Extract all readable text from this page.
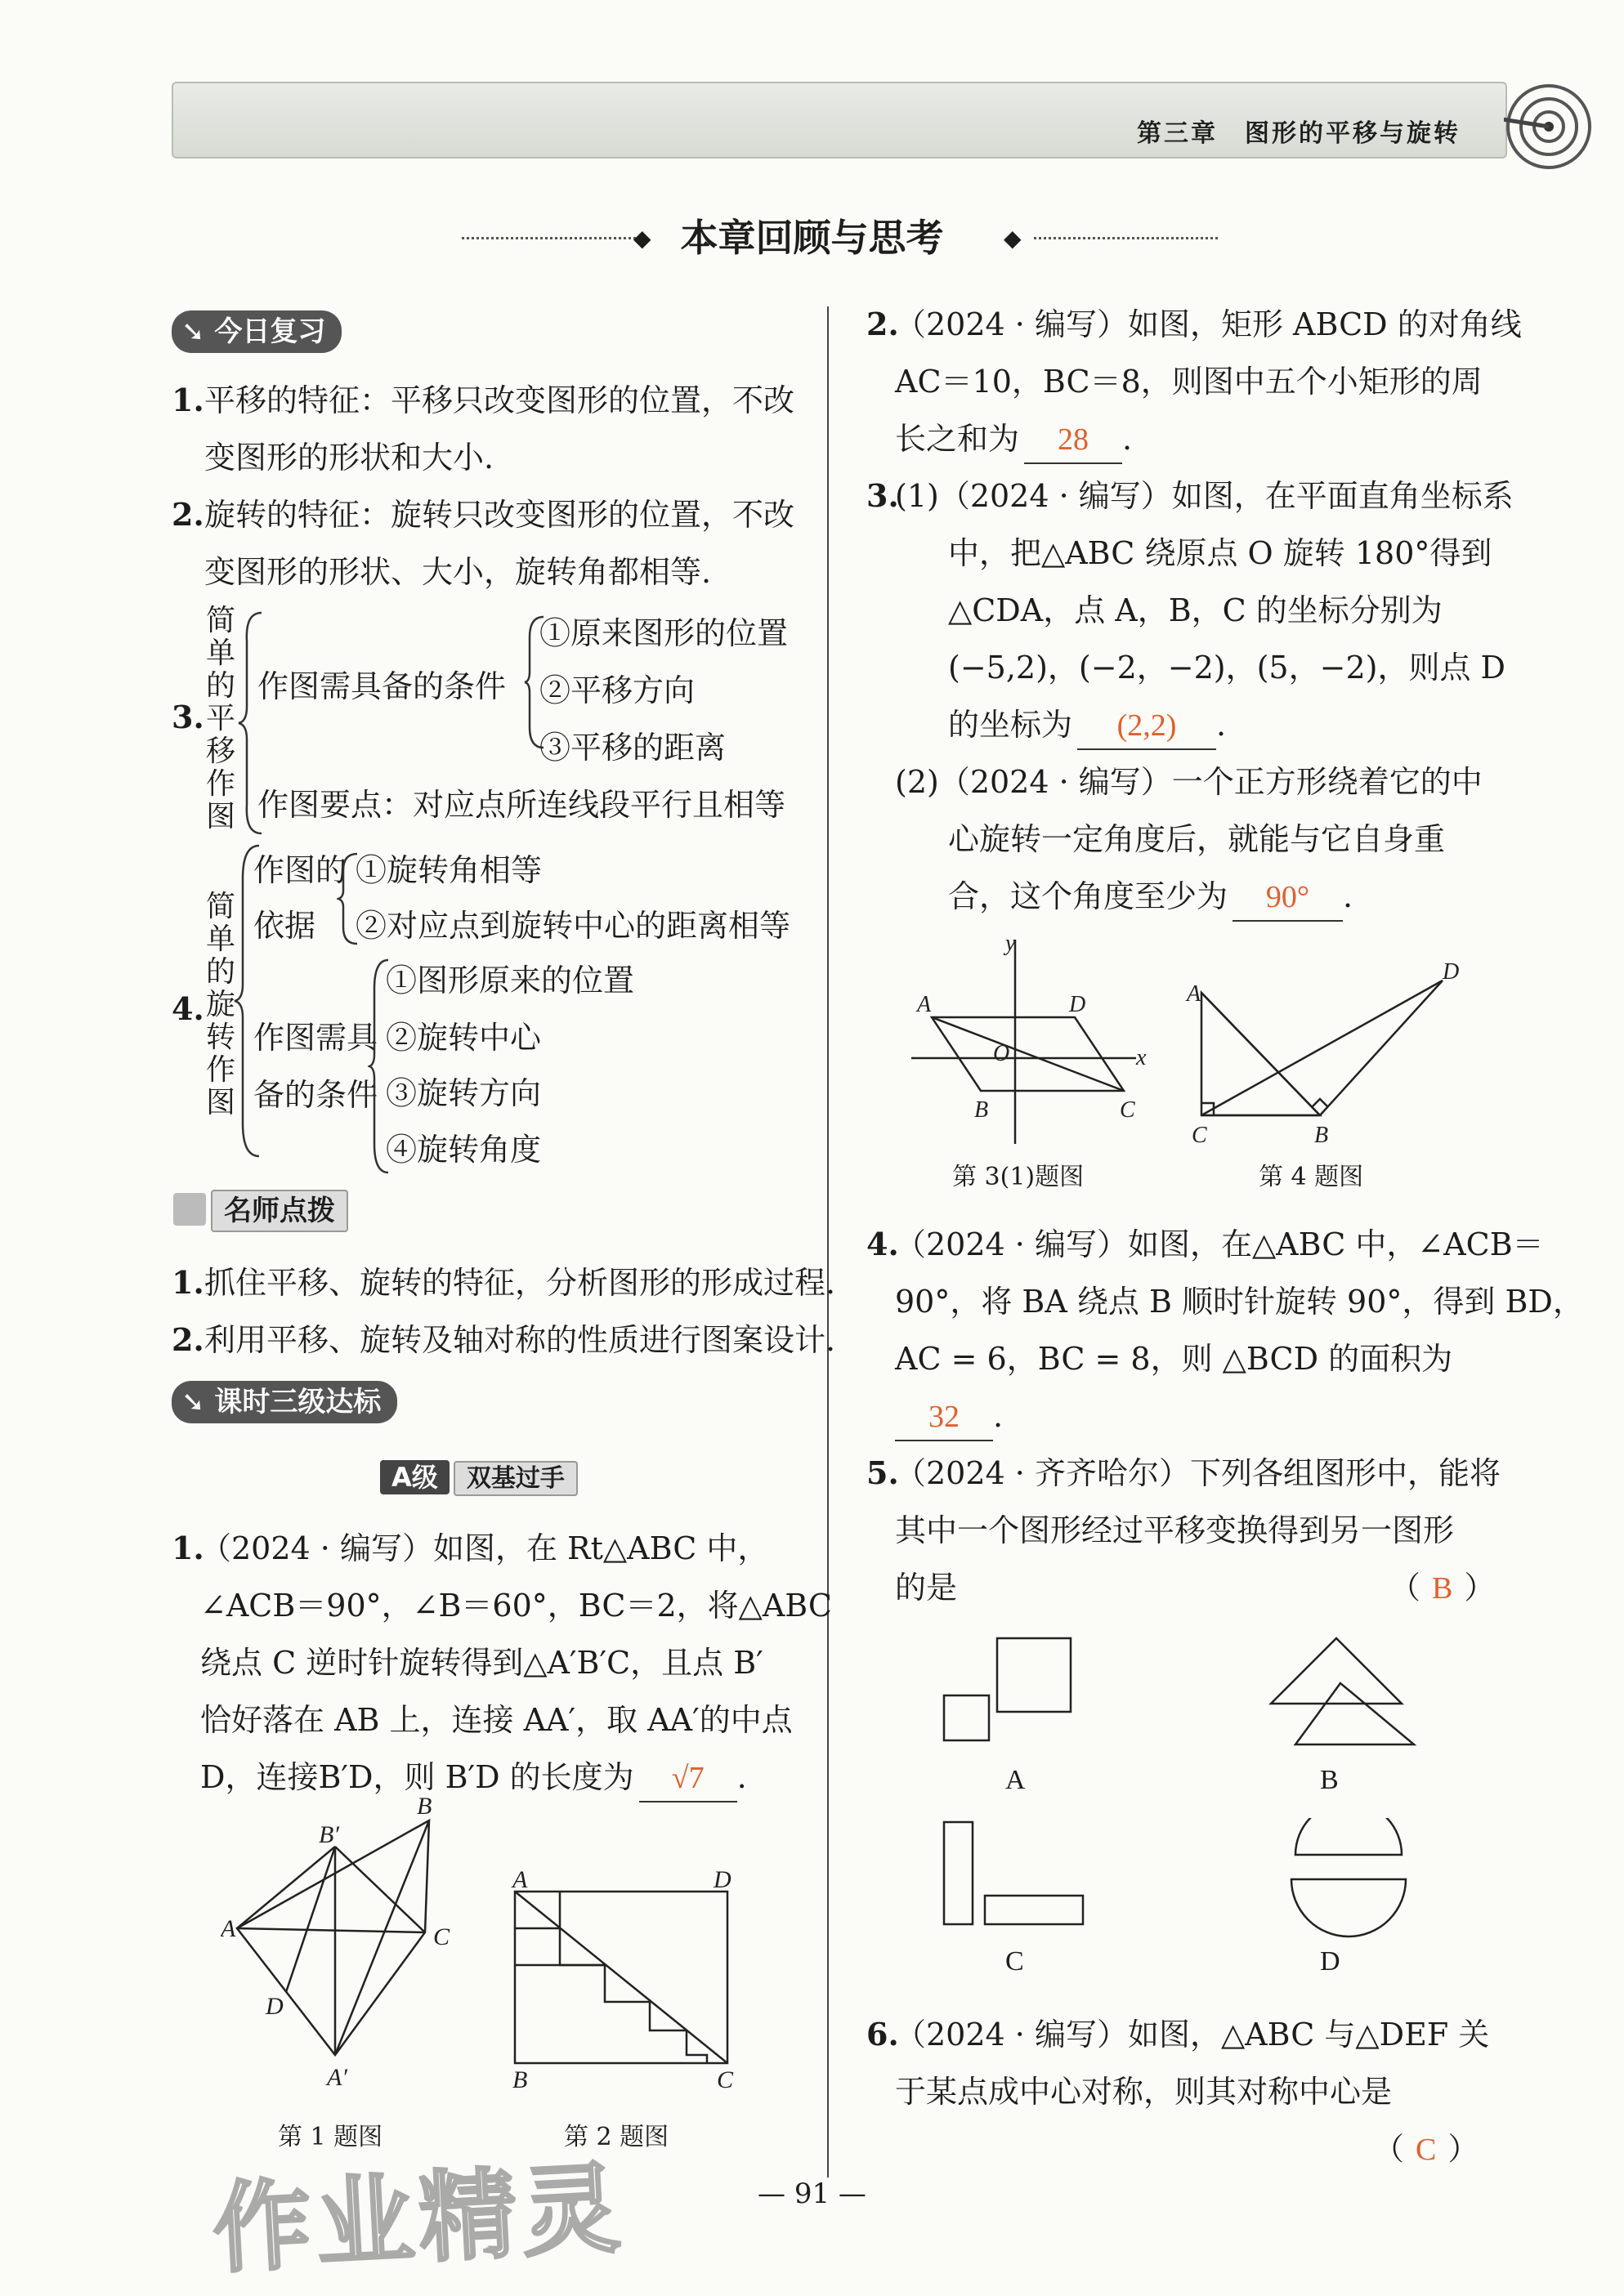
第三章　图形的平移与旋转
◆ 本章回顾与思考	◆
➘ 今日复习
1. 平移的特征：平移只改变图形的位置，不改
变图形的形状和大小.
2. 旋转的特征：旋转只改变图形的位置，不改
变图形的形状、大小，旋转角都相等.
3.
简单的平移作图
作图需具备的条件
①原来图形的位置
②平移方向
③平移的距离
作图要点：对应点所连线段平行且相等
4.
简单的旋转作图
作图的
依据
①旋转角相等
②对应点到旋转中心的距离相等
作图需具
备的条件
①图形原来的位置
②旋转中心
③旋转方向
④旋转角度
名师点拨
1. 抓住平移、旋转的特征，分析图形的形成过程.
2. 利用平移、旋转及轴对称的性质进行图案设计.
➘ 课时三级达标
A级 双基过手
1.
（2024 · 编写）如图，在 Rt△ABC 中，
∠ACB＝90°，∠B＝60°，BC＝2，将△ABC
绕点 C 逆时针旋转得到△A′B′C，且点 B′
恰好落在 AB 上，连接 AA′，取 AA′的中点
D，连接B′D，则 B′D 的长度为 √7 .
A
B
C
B′
D
A′
第 1 题图
A	D
B	C
第 2 题图
2.
（2024 · 编写）如图，矩形 ABCD 的对角线
AC＝10，BC＝8，则图中五个小矩形的周
长之和为 28 .
3.
(1)（2024 · 编写）如图，在平面直角坐标系
中，把△ABC 绕原点 O 旋转 180°得到
△CDA，点 A，B，C 的坐标分别为
(−5,2)，(−2，−2)，(5，−2)，则点 D
的坐标为 (2,2) .
(2)（2024 · 编写）一个正方形绕着它的中
心旋转一定角度后，就能与它自身重
合，这个角度至少为 90° .
y
x
A	D
O
B	C
第 3(1)题图
A
C	B
D
第 4 题图
4.
（2024 · 编写）如图，在△ABC 中，∠ACB＝
90°，将 BA 绕点 B 顺时针旋转 90°，得到 BD，
AC = 6，BC = 8，则 △BCD 的面积为
32 .
5.
（2024 · 齐齐哈尔）下列各组图形中，能将
其中一个图形经过平移变换得到另一图形
的是	（ B ）
A	B
C	D
6.
（2024 · 编写）如图，△ABC 与△DEF 关
于某点成中心对称，则其对称中心是
（ C ）
— 91 —
作业精灵
